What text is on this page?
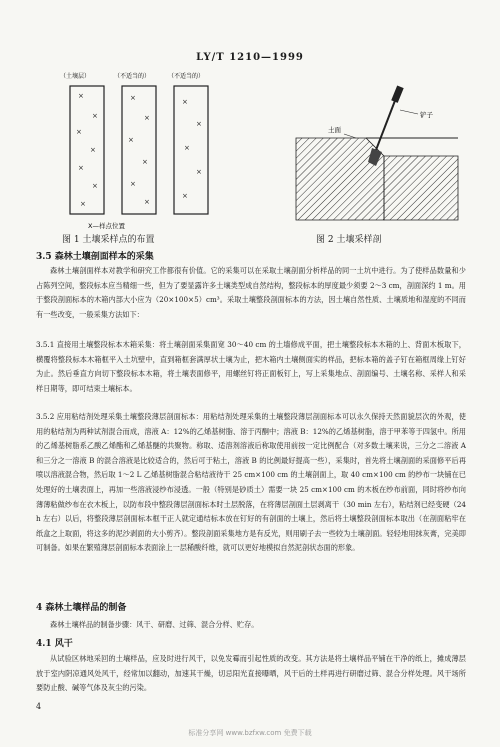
LY/T 1210—1999
（土壤层）	（不适当的）	（不适当的）
×
×
×
×
×
×
×
×
×
×
×
×
×
×
×
×
×
×
X—样点位置
铲子
土面
图 1 土壤采样点的布置	图 2 土壤采样剖
3.5 森林土壤剖面样本的采集
森林土壤剖面样本对教学和研究工作都很有价值。它的采集可以在采取土壤剖面分析样品的同一土坑中进行。为了使样品数量和少占陈列空间，整段标本应当精细一些，但为了要显露许多土壤类型成自然结构，整段标本的厚度最少须要 2～3 cm，剖面深约 1 m。用于整段剖面标本的木箱内部大小应为（20×100×5）cm³。采取土壤整段剖面标本的方法，因土壤自然性质、土壤质地和湿度的不同而有一些改变，一般采集方法如下：
3.5.1 直接用土壤整段标本木箱采集：将土壤剖面采集面宽 30～40 cm 的土墙修成平面，把土壤整段标本木箱的上、背面木板取下，横覆将整段标本木箱框平入土坑壁中，直到箱框套满厚状土壤为止，把木箱内土壤侧面实的样品，把标本箱的盖子钉在箱框周缘上钉好为止。然后垂直方向切下整段标本木箱，将土壤表面修平，用螺丝钉将正面板钉上，写上采集地点、剖面编号、土壤名称、采样人和采样日期等，即可结束土壤标本。
3.5.2 应用粘结剂处理采集土壤整段薄层剖面标本：用粘结剂处理采集的土壤整段薄层剖面标本可以永久保持天然面貌层次的外观，使用的粘结剂为两种试剂混合而成，溶液 A：12%的乙烯基树脂、溶于丙酮中；溶液 B：12%的乙烯基树脂，溶于甲苯等于四氢中。所用的乙烯基树脂系乙酸乙烯酯和乙烯基醚的共聚物。称取、适溶剂溶液后称取使用前按一定比例配合（对多数土壤来说，三分之二溶液 A 和三分之一溶液 B 的混合溶液是比较适合的，然后可于粘土，溶液 B 的比例最好提高一些），采集时，首先将土壤剖面的采面修平后再喷以溶液混合物，然后取 1～2 L 乙烯基树脂混合粘结液待干 25 cm×100 cm 的土壤剖面上，取 40 cm×100 cm 的纱布一块铺在已处理好的土壤表面上，再加一些溶液浸纱布浸透。一般（特别是砂质土）需要一块 25 cm×100 cm 的木板在纱布前面，同时将纱布向薄薄粘做纱布在衣木板上，以防布段中整段薄层剖面标本时土层脱落，在将薄层剖面土层剥离干（30 min 左右），粘结剂已经变硬（24 h 左右）以后，将整段薄层剖面标本框干正人就定通结标本放在钉好的有剖面的土壤上，然后将土壤整段剖面标本取出（在剖面粘牢在纸盒之上取面，将这多的泥沙剥面的大小剪齐）。整段剖面采集地方是有反光，则用刷子去一些较为土壤剖面。轻轻地用抹灰膏，完美即可制备。如果在繁殖薄层剖面标本表面涂上一层稀酸纤维，就可以更好地模拟自然泥剖状态面的形象。
4 森林土壤样品的制备
森林土壤样品的制备步骤：风干、研磨、过筛、混合分样、贮存。
4.1 风干
从试验区林地采回的土壤样品，应及时进行风干，以免发霉而引起性质的改变。其方法是将土壤样品平铺在干净的纸上，摊成薄层放于室内阴凉通风处风干，经常加以翻动，加速其干燥，切忌阳光直接曝晒，风干后的土样再进行研磨过筛、混合分样处理。风干场所要防止酸、碱等气体及灰尘的污染。
4
标准分享网 www.bzfxw.com 免费下载
